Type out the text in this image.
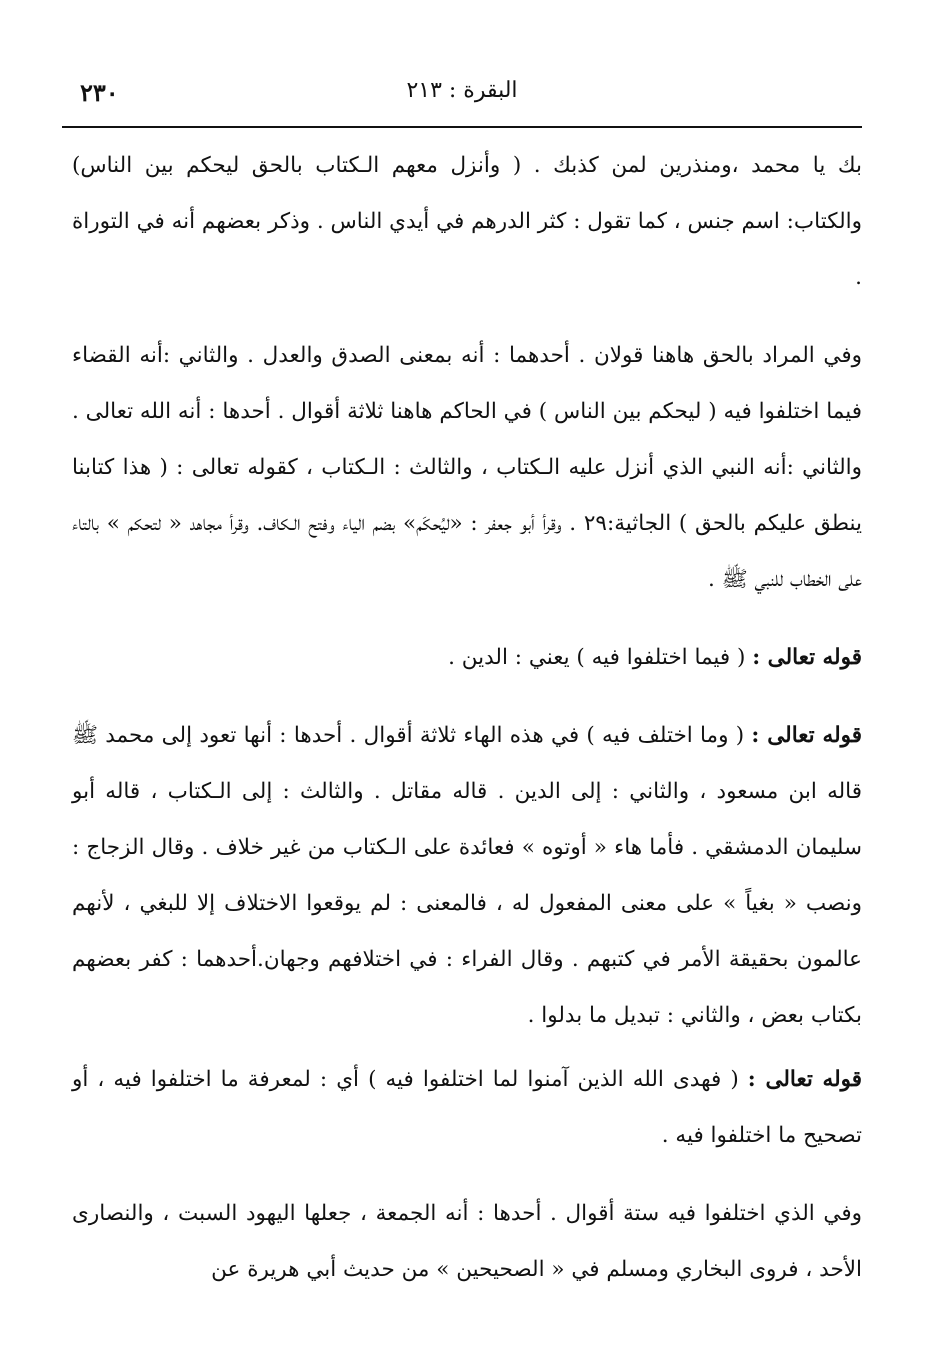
٢٣٠	البقرة : ٢١٣

بك يا محمد ،ومنذرين لمن كذبك . ( وأنزل معهم الـكتاب بالحق ليحكم بين الناس) والكتاب: اسم جنس ، كما تقول : كثر الدرهم في أيدي الناس . وذكر بعضهم أنه في التوراة .

وفي المراد بالحق هاهنا قولان . أحدهما : أنه بمعنى الصدق والعدل . والثاني :أنه القضاء فيما اختلفوا فيه ( ليحكم بين الناس ) في الحاكم هاهنا ثلاثة أقوال . أحدها : أنه الله تعالى . والثاني :أنه النبي الذي أنزل عليه الـكتاب ، والثالث : الـكتاب ، كقوله تعالى : ( هذا كتابنا ينطق عليكم بالحق ) الجاثية:٢٩ . وقرأ أبو جعفر : «ليُحكَم» بضم الياء وفتح الـكاف. وقرأ مجاهد « لتحكم » بالتاء على الخطاب للنبي ﷺ .

قوله تعالى : ( فيما اختلفوا فيه ) يعني : الدين .

قوله تعالى : ( وما اختلف فيه ) في هذه الهاء ثلاثة أقوال . أحدها : أنها تعود إلى محمد ﷺ قاله ابن مسعود ، والثاني : إلى الدين . قاله مقاتل . والثالث : إلى الـكتاب ، قاله أبو سليمان الدمشقي . فأما هاء « أوتوه » فعائدة على الـكتاب من غير خلاف . وقال الزجاج : ونصب « بغياً » على معنى المفعول له ، فالمعنى : لم يوقعوا الاختلاف إلا للبغي ، لأنهم عالمون بحقيقة الأمر في كتبهم . وقال الفراء : في اختلافهم وجهان.أحدهما : كفر بعضهم بكتاب بعض ، والثاني : تبديل ما بدلوا .

قوله تعالى : ( فهدى الله الذين آمنوا لما اختلفوا فيه ) أي : لمعرفة ما اختلفوا فيه ، أو تصحيح ما اختلفوا فيه .

وفي الذي اختلفوا فيه ستة أقوال . أحدها : أنه الجمعة ، جعلها اليهود السبت ، والنصارى الأحد ، فروى البخاري ومسلم في « الصحيحين » من حديث أبي هريرة عن
